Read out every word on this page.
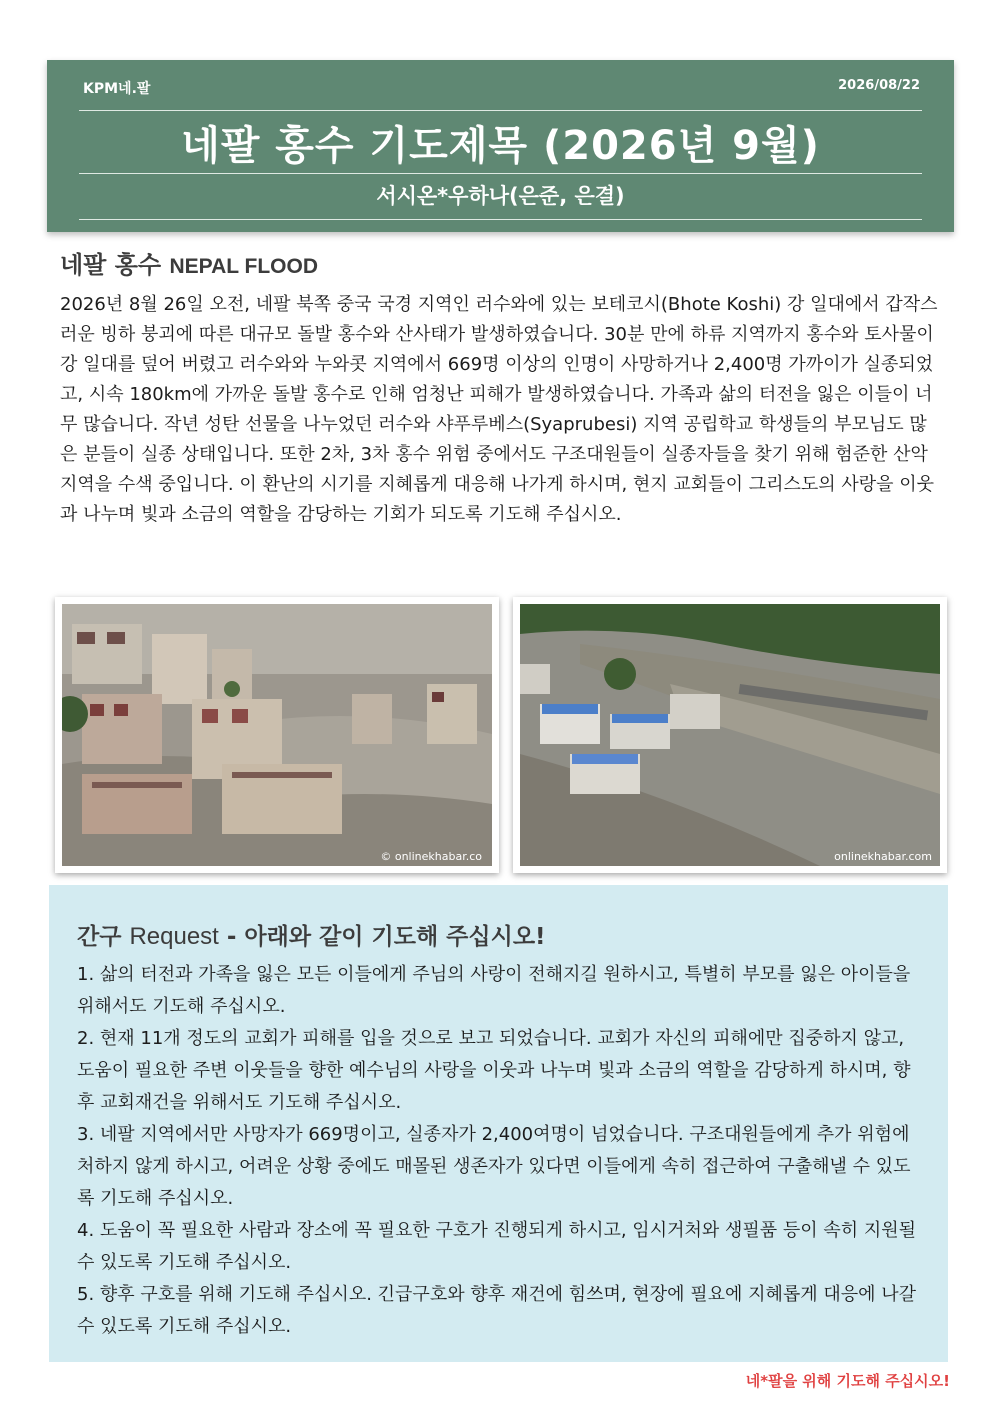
KPM네.팔	2026/08/22
네팔 홍수 기도제목 (2026년 9월)
서시온*우하나(은준, 은결)
네팔 홍수 NEPAL FLOOD

2026년 8월 26일 오전, 네팔 북쪽 중국 국경 지역인 러수와에 있는 보테코시(Bhote Koshi) 강 일대에서 갑작스러운 빙하 붕괴에 따른 대규모 돌발 홍수와 산사태가 발생하였습니다. 30분 만에 하류 지역까지 홍수와 토사물이 강 일대를 덮어 버렸고 러수와와 누와콧 지역에서 669명 이상의 인명이 사망하거나 2,400명 가까이가 실종되었고, 시속 180km에 가까운 돌발 홍수로 인해 엄청난 피해가 발생하였습니다. 가족과 삶의 터전을 잃은 이들이 너무 많습니다. 작년 성탄 선물을 나누었던 러수와 샤푸루베스(Syaprubesi) 지역 공립학교 학생들의 부모님도 많은 분들이 실종 상태입니다. 또한 2차, 3차 홍수 위험 중에서도 구조대원들이 실종자들을 찾기 위해 험준한 산악 지역을 수색 중입니다. 이 환난의 시기를 지혜롭게 대응해 나가게 하시며, 현지 교회들이 그리스도의 사랑을 이웃과 나누며 빛과 소금의 역할을 감당하는 기회가 되도록 기도해 주십시오.

© onlinekhabar.co	onlinekhabar.com
간구 Request - 아래와 같이 기도해 주십시오!
1. 삶의 터전과 가족을 잃은 모든 이들에게 주님의 사랑이 전해지길 원하시고, 특별히 부모를 잃은 아이들을 위해서도 기도해 주십시오.
2. 현재 11개 정도의 교회가 피해를 입을 것으로 보고 되었습니다. 교회가 자신의 피해에만 집중하지 않고, 도움이 필요한 주변 이웃들을 향한 예수님의 사랑을 이웃과 나누며 빛과 소금의 역할을 감당하게 하시며, 향후 교회재건을 위해서도 기도해 주십시오.
3. 네팔 지역에서만 사망자가 669명이고, 실종자가 2,400여명이 넘었습니다. 구조대원들에게 추가 위험에 처하지 않게 하시고, 어려운 상황 중에도 매몰된 생존자가 있다면 이들에게 속히 접근하여 구출해낼 수 있도록 기도해 주십시오.
4. 도움이 꼭 필요한 사람과 장소에 꼭 필요한 구호가 진행되게 하시고, 임시거처와 생필품 등이 속히 지원될 수 있도록 기도해 주십시오.
5. 향후 구호를 위해 기도해 주십시오. 긴급구호와 향후 재건에 힘쓰며, 현장에 필요에 지혜롭게 대응에 나갈 수 있도록 기도해 주십시오.
네*팔을 위해 기도해 주십시오!
